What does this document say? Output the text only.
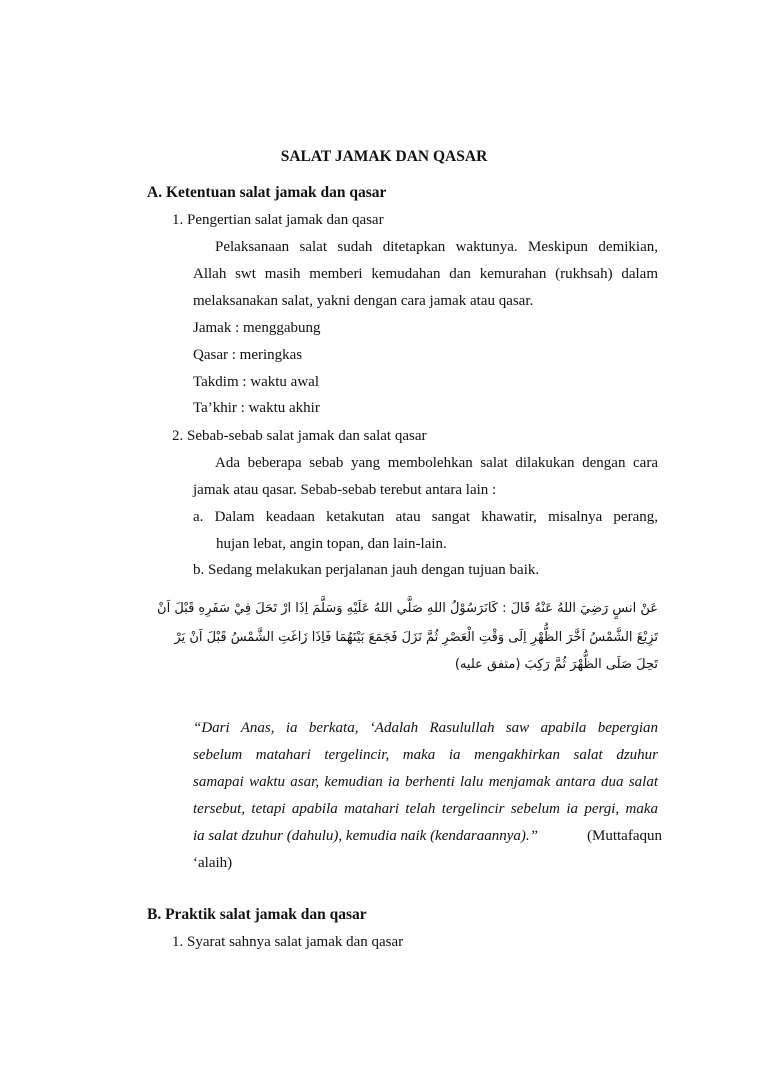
SALAT JAMAK DAN QASAR
A. Ketentuan salat jamak dan qasar
1. Pengertian salat jamak dan qasar
Pelaksanaan salat sudah ditetapkan waktunya. Meskipun demikian,
Allah swt masih memberi kemudahan dan kemurahan (rukhsah) dalam
melaksanakan salat, yakni dengan cara jamak atau qasar.
Jamak : menggabung
Qasar : meringkas
Takdim : waktu awal
Ta’khir : waktu akhir
2. Sebab-sebab salat jamak dan salat qasar
Ada beberapa sebab yang membolehkan salat dilakukan dengan cara
jamak atau qasar. Sebab-sebab terebut antara lain :
a. Dalam keadaan ketakutan atau sangat khawatir, misalnya perang,
hujan lebat, angin topan, dan lain-lain.
b. Sedang melakukan perjalanan jauh dengan tujuan baik.
عَنْ انسٍ رَضِيَ اللهُ عَنْهُ قَالَ : كَانَرَسُوْلُ اللهِ صَلَّي اللهُ عَلَيْهِ وَسَلَّمَ اِذَا ارْ تَحَلَ فِيْ سَفَرِهِ قَبْلَ اَنْ
تَزِيْغَ الشَّمْسُ اَخَّرَ الظُّهْرِ اِلَى وَقْتِ الْعَصْرِ ثُمَّ نَزَلَ فَجَمَعَ بَيْنَهُمَا فَاِذَا زَاغَتِ الشَّمْسُ قَبْلَ اَنْ يَرْ
تَحِلَ صَلَى الظُّهْرَ ثُمَّ رَكِبَ (متفق عليه)
“Dari Anas, ia berkata, ‘Adalah Rasulullah saw apabila bepergian
sebelum matahari tergelincir, maka ia mengakhirkan salat dzuhur
samapai waktu asar, kemudian ia berhenti lalu menjamak antara dua salat
tersebut, tetapi apabila matahari telah tergelincir sebelum ia pergi, maka
ia salat dzuhur (dahulu), kemudia naik (kendaraannya).”	(Muttafaqun
‘alaih)
B. Praktik salat jamak dan qasar
1. Syarat sahnya salat jamak dan qasar
